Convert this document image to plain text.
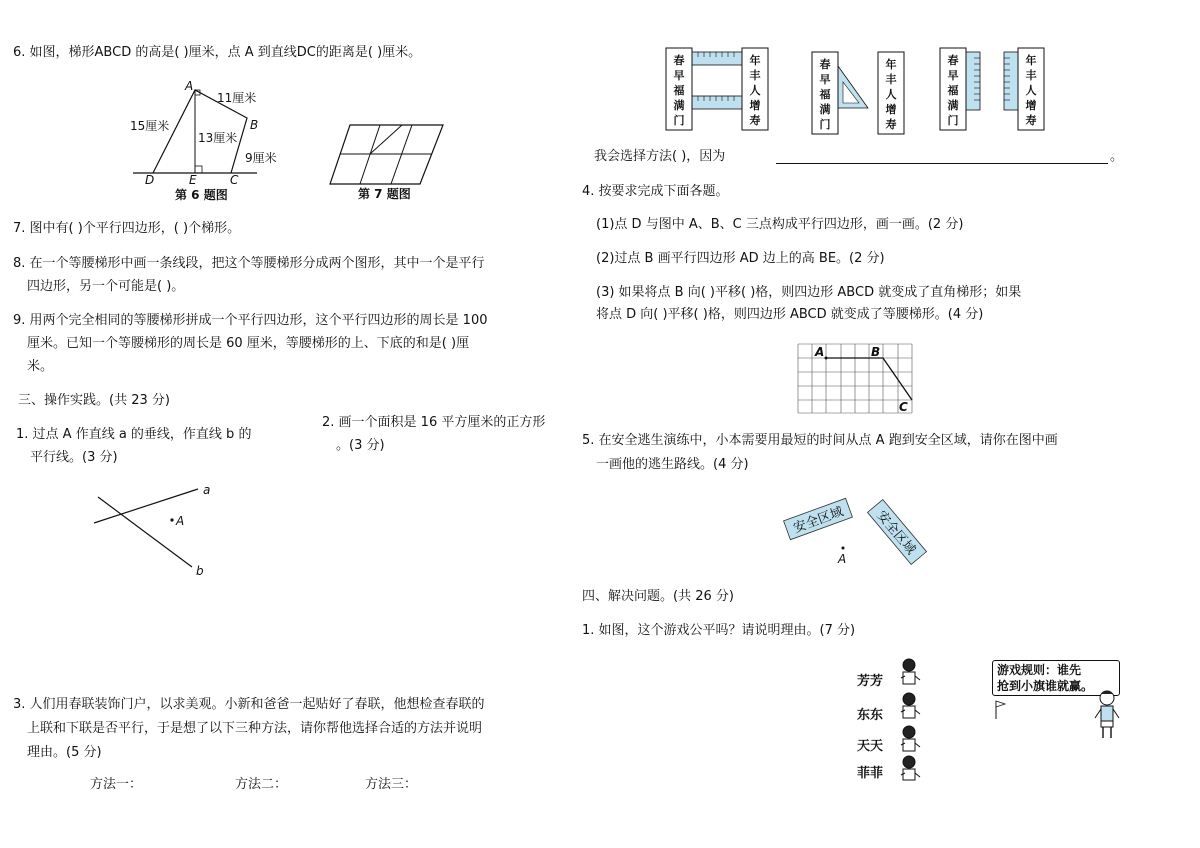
6. 如图，梯形ABCD 的高是( )厘米，点 A 到直线DC的距离是( )厘米。
A
B
C
D	E
15厘米
11厘米
13厘米
9厘米
第 6 题图	第 7 题图
7. 图中有( )个平行四边形，( )个梯形。
8. 在一个等腰梯形中画一条线段，把这个等腰梯形分成两个图形，其中一个是平行
四边形，另一个可能是( )。
9. 用两个完全相同的等腰梯形拼成一个平行四边形，这个平行四边形的周长是 100
厘米。已知一个等腰梯形的周长是 60 厘米，等腰梯形的上、下底的和是( )厘
米。
三、操作实践。(共 23 分)
1. 过点 A 作直线 a 的垂线，作直线 b 的
平行线。(3 分)
2. 画一个面积是 16 平方厘米的正方形
。(3 分)
a
b
A
3. 人们用春联装饰门户，以求美观。小新和爸爸一起贴好了春联，他想检查春联的
上联和下联是否平行，于是想了以下三种方法，请你帮他选择合适的方法并说明
理由。(5 分)
方法一：	方法二：	方法三：
春
早
福
满
门
年
丰
人
增
寿
春
早
福
满
门
年
丰
人
增
寿
春
早
福
满
门
年
丰
人
增
寿
我会选择方法( )，因为	。
4. 按要求完成下面各题。
(1)点 D 与图中 A、B、C 三点构成平行四边形，画一画。(2 分)
(2)过点 B 画平行四边形 AD 边上的高 BE。(2 分)
(3) 如果将点 B 向( )平移( )格，则四边形 ABCD 就变成了直角梯形；如果
将点 D 向( )平移( )格，则四边形 ABCD 就变成了等腰梯形。(4 分)
A	B
C
5. 在安全逃生演练中，小本需要用最短的时间从点 A 跑到安全区域，请你在图中画
一画他的逃生路线。(4 分)
安全区域 安全区域
A
四、解决问题。(共 26 分)
1. 如图，这个游戏公平吗？请说明理由。(7 分)
芳芳
东东
天天
菲菲
游戏规则：谁先
抢到小旗谁就赢。
